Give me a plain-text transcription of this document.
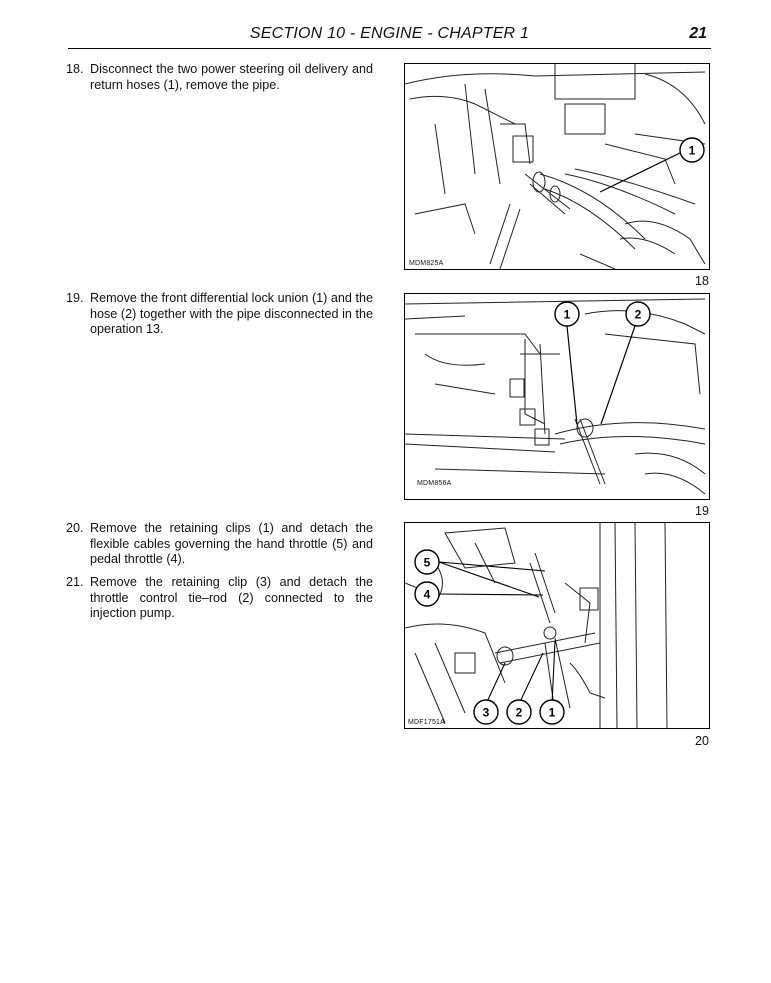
SECTION 10 - ENGINE - CHAPTER 1	21
18. Disconnect the two power steering oil delivery and return hoses (1), remove the pipe.
19. Remove the front differential lock union (1) and the hose (2) together with the pipe disconnected in the operation 13.
20. Remove the retaining clips (1) and detach the flexible cables governing the hand throttle (5) and pedal throttle (4).
21. Remove the retaining clip (3) and detach the throttle control tie–rod (2) connected to the injection pump.
1
MDM825A
18
1	2
MDM856A
19
5
4
3 2 1
MDF1751A
20
